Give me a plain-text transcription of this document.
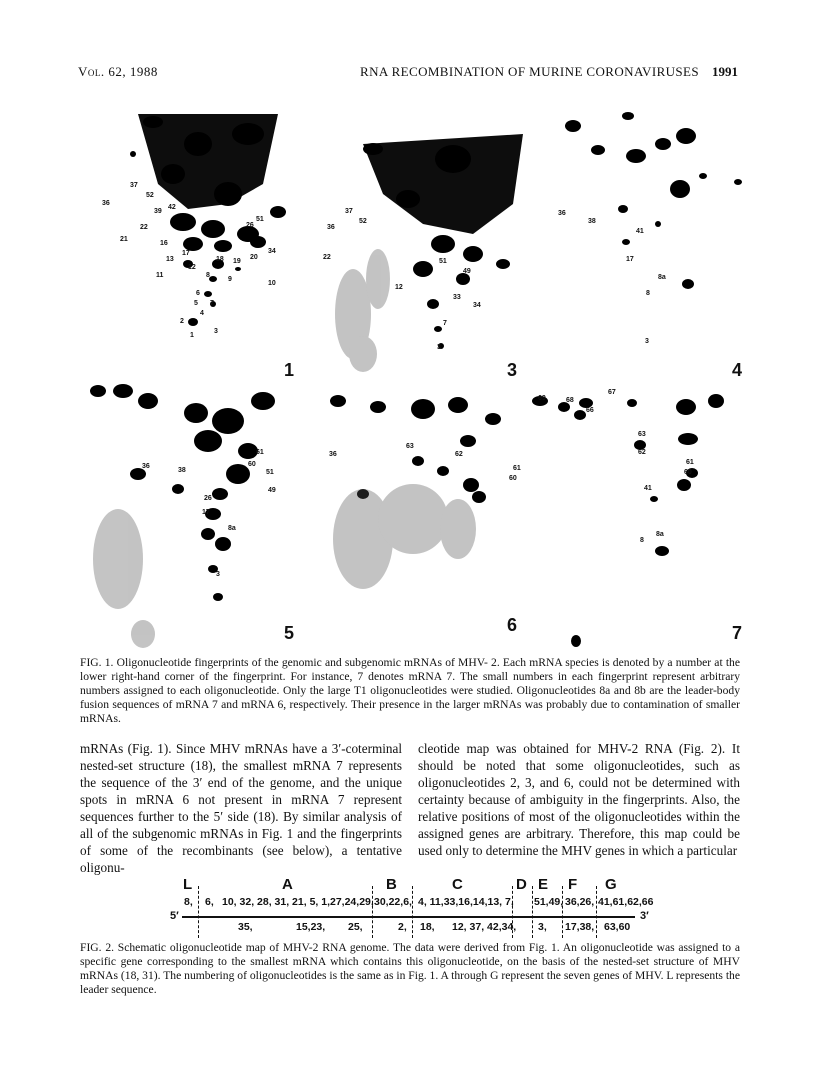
Vol. 62, 1988	RNA RECOMBINATION OF MURINE CORONAVIRUSES 1991
1
37
52
36
42
39
22
21
16
13
17
11
12
18 19
20
10
8
9
6
5 7
4
2
3
1
51
34
26
3
37
36
52
22
51
49
34
33
12
7
3
4
36
38
41
17
8a
8
3
5
36
38
61
60
51
49
26
17
8a
3
6
63
62
61
60
36
7
69	68
67
66
63
62
61
60
41
8a
8
FIG. 1. Oligonucleotide fingerprints of the genomic and subgenomic mRNAs of MHV- 2. Each mRNA species is denoted by a number at the lower right-hand corner of the fingerprint. For instance, 7 denotes mRNA 7. The small numbers in each fingerprint represent arbitrary numbers assigned to each oligonucleotide. Only the large T1 oligonucleotides were studied. Oligonucleotides 8a and 8b are the leader-body fusion sequences of mRNA 7 and mRNA 6, respectively. Their presence in the larger mRNAs was probably due to contamination of smaller mRNAs.
mRNAs (Fig. 1). Since MHV mRNAs have a 3′-coterminal nested-set structure (18), the smallest mRNA 7 represents the sequence of the 3′ end of the genome, and the unique spots in mRNA 6 not present in mRNA 7 represent sequences further to the 5′ side (18). By similar analysis of all of the subgenomic mRNAs in Fig. 1 and the fingerprints of some of the recombinants (see below), a tentative oligonu-
cleotide map was obtained for MHV-2 RNA (Fig. 2). It should be noted that some oligonucleotides, such as oligonucleotides 2, 3, and 6, could not be determined with certainty because of ambiguity in the fingerprints. Also, the relative positions of most of the oligonucleotides within the assigned genes are arbitrary. Therefore, this map could be used only to determine the MHV genes in which a particular
L	A	B	C	D E F G
5′	3′
8, 6, 10, 32, 28, 31, 21, 5, 1,27,24,29, 30,22,6, 4, 11,33,16,14,13, 7, 51,49, 36,26, 41,61,62,66
35,	15,23, 25,	2, 18, 12, 37, 42,34, 3, 17,38, 63,60
FIG. 2. Schematic oligonucleotide map of MHV-2 RNA genome. The data were derived from Fig. 1. An oligonucleotide was assigned to a specific gene corresponding to the smallest mRNA which contains this oligonucleotide, on the basis of the nested-set structure of MHV mRNAs (18, 31). The numbering of oligonucleotides is the same as in Fig. 1. A through G represent the seven genes of MHV. L represents the leader sequence.
